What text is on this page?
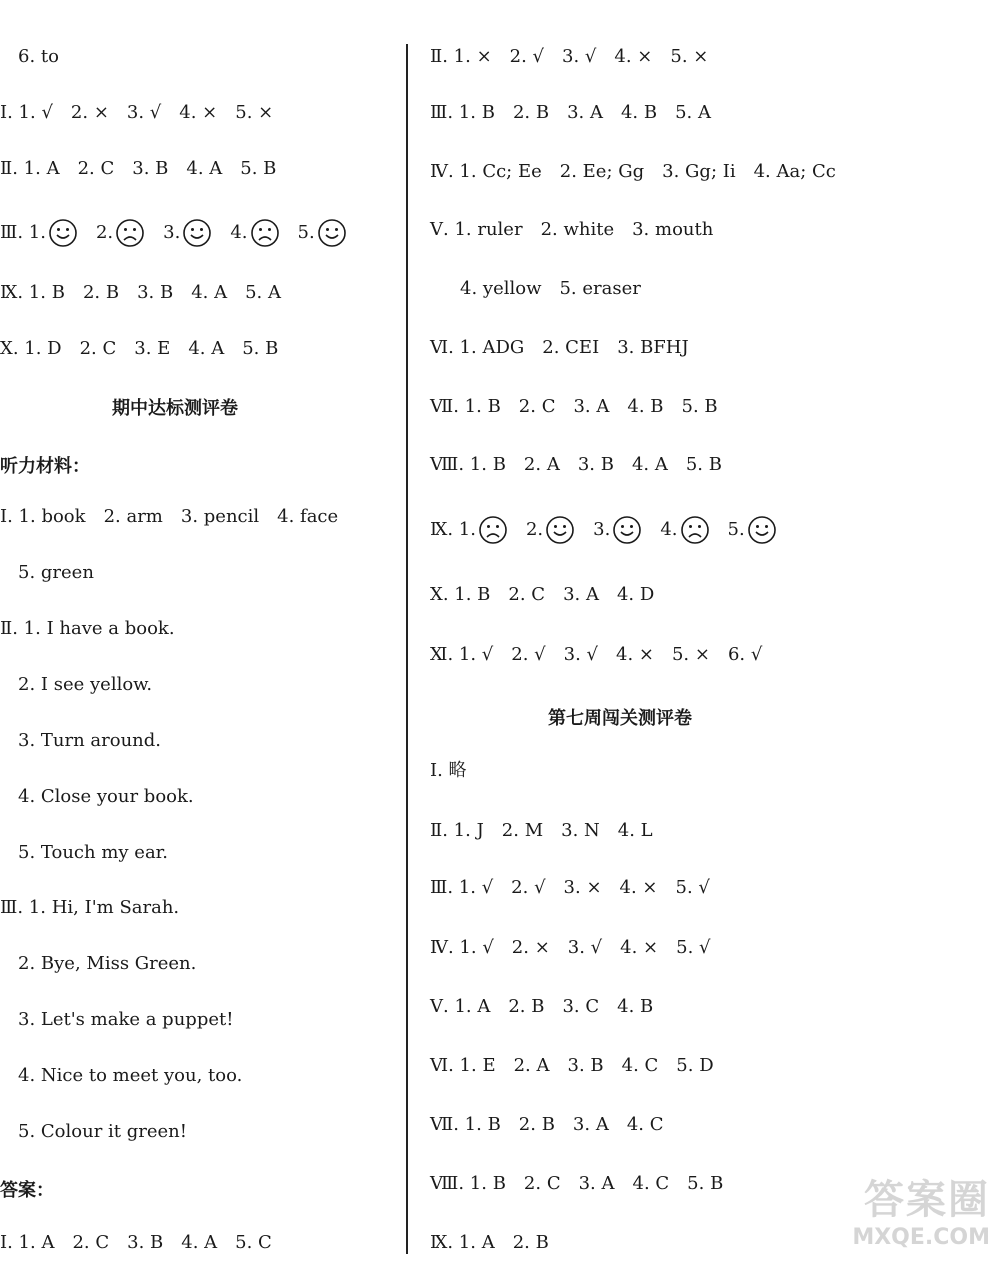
6. to
Ⅰ. 1. √ 2. × 3. √ 4. × 5. ×
Ⅱ. 1. A 2. C 3. B 4. A 5. B
Ⅲ. 1.	2.	3.	4.	5.
Ⅸ. 1. B 2. B 3. B 4. A 5. A
Ⅹ. 1. D 2. C 3. E 4. A 5. B
期中达标测评卷
听力材料：
Ⅰ. 1. book 2. arm 3. pencil 4. face
5. green
Ⅱ. 1. I have a book.
2. I see yellow.
3. Turn around.
4. Close your book.
5. Touch my ear.
Ⅲ. 1. Hi, I'm Sarah.
2. Bye, Miss Green.
3. Let's make a puppet!
4. Nice to meet you, too.
5. Colour it green!
答案：
Ⅰ. 1. A 2. C 3. B 4. A 5. C
Ⅱ. 1. × 2. √ 3. √ 4. × 5. ×
Ⅲ. 1. B 2. B 3. A 4. B 5. A
Ⅳ. 1. Cc; Ee 2. Ee; Gg 3. Gg; Ii 4. Aa; Cc
Ⅴ. 1. ruler 2. white 3. mouth
4. yellow 5. eraser
Ⅵ. 1. ADG 2. CEI 3. BFHJ
Ⅶ. 1. B 2. C 3. A 4. B 5. B
Ⅷ. 1. B 2. A 3. B 4. A 5. B
Ⅸ. 1.	2.	3.	4.	5.
Ⅹ. 1. B 2. C 3. A 4. D
Ⅺ. 1. √ 2. √ 3. √ 4. × 5. × 6. √
第七周闯关测评卷
Ⅰ. 略
Ⅱ. 1. J 2. M 3. N 4. L
Ⅲ. 1. √ 2. √ 3. × 4. × 5. √
Ⅳ. 1. √ 2. × 3. √ 4. × 5. √
Ⅴ. 1. A 2. B 3. C 4. B
Ⅵ. 1. E 2. A 3. B 4. C 5. D
Ⅶ. 1. B 2. B 3. A 4. C
Ⅷ. 1. B 2. C 3. A 4. C 5. B
Ⅸ. 1. A 2. B
答案圈
MXQE.COM
